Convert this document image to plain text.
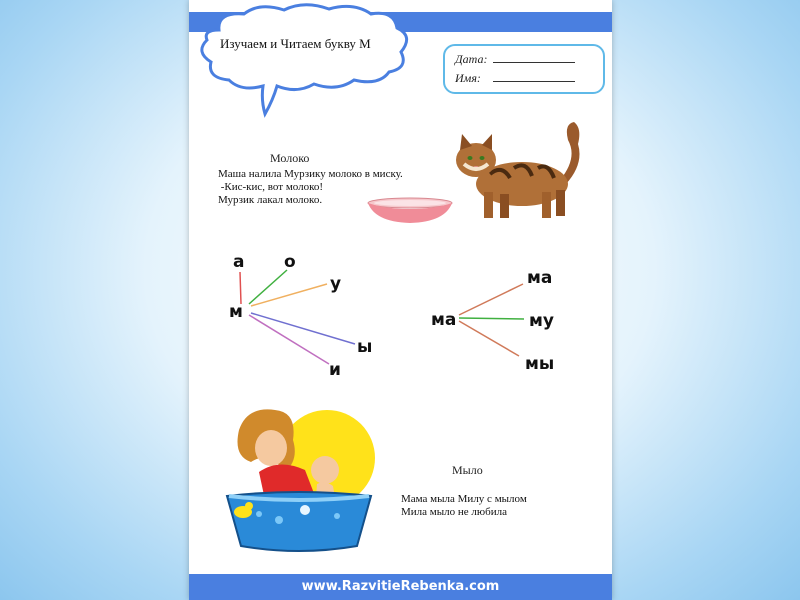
Изучаем и Читаем букву М
Дата:
Имя:
Молоко
Маша налила Мурзику молоко в миску.
-Кис-кис, вот молоко!
Мурзик лакал молоко.
а о
у
м
ы
и
ма
ма	му
мы
Мыло
Мама мыла Милу с мылом
Мила мыло не любила
www.RazvitieRebenka.com
